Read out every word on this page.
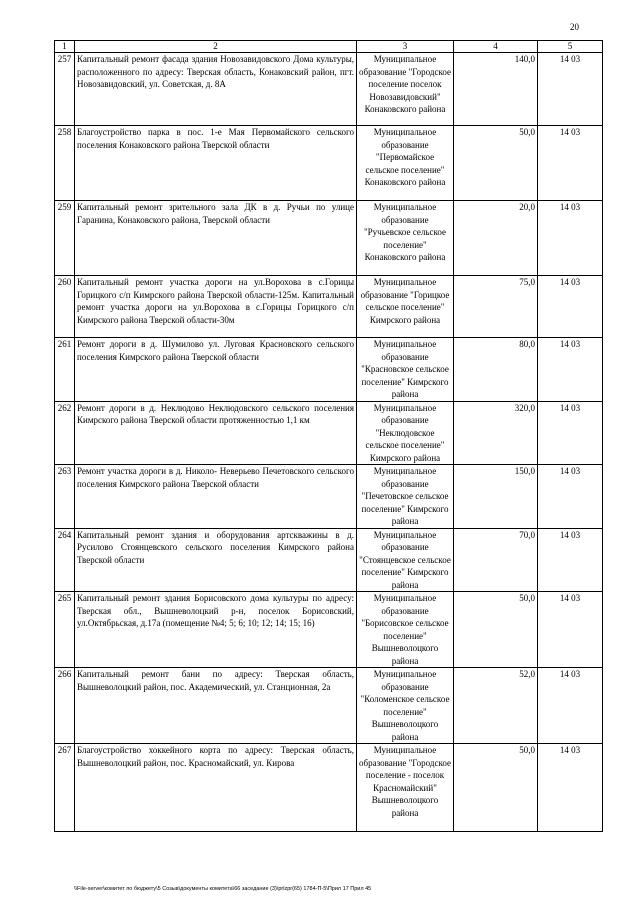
20
1	2	3	4	5
257	Капитальный ремонт фасада здания Новозавидовского Дома культуры, расположенного по адресу: Тверская область, Конаковский район, пгт. Новозавидовский, ул. Советская, д. 8А	Муниципальное образование "Городское поселение поселок Новозавидовский" Конаковского района	140,0	14 03
258	Благоустройство парка в пос. 1-е Мая Первомайского сельского поселения Конаковского района Тверской области	Муниципальное образование "Первомайское сельское поселение" Конаковского района	50,0	14 03
259	Капитальный ремонт зрительного зала ДК в д. Ручьи по улице Гаранина, Конаковского района, Тверской области	Муниципальное образование "Ручьевское сельское поселение" Конаковского района	20,0	14 03
260	Капитальный ремонт участка дороги на ул.Ворохова в с.Горицы Горицкого с/п Кимрского района Тверской области-125м. Капитальный ремонт участка дороги на ул.Ворохова в с.Горицы Горицкого с/п Кимрского района Тверской области-30м	Муниципальное образование "Горицкое сельское поселение" Кимрского района	75,0	14 03
261	Ремонт дороги в д. Шумилово ул. Луговая Красновского сельского поселения Кимрского района Тверской области	Муниципальное образование "Красновское сельское поселение" Кимрского района	80,0	14 03
262	Ремонт дороги в д. Неклюдово Неклюдовского сельского поселения Кимрского района Тверской области протяженностью 1,1 км	Муниципальное образование "Неклюдовское сельское поселение" Кимрского района	320,0	14 03
263	Ремонт участка дороги в д. Николо- Неверьево Печетовского сельского поселения Кимрского района Тверской области	Муниципальное образование "Печетовское сельское поселение" Кимрского района	150,0	14 03
264	Капитальный ремонт здания и оборудования артскважины в д. Русилово Стоянцевского сельского поселения Кимрского района Тверской области	Муниципальное образование "Стоянцевское сельское поселение" Кимрского района	70,0	14 03
265	Капитальный ремонт здания Борисовского дома культуры по адресу: Тверская обл., Вышневолоцкий р-н, поселок Борисовский, ул.Октябрьская, д.17а (помещение №4; 5; 6; 10; 12; 14; 15; 16)	Муниципальное образование "Борисовское сельское поселение" Вышневолоцкого района	50,0	14 03
266	Капитальный ремонт бани по адресу: Тверская область, Вышневолоцкий район, пос. Академический, ул. Станционная, 2а	Муниципальное образование "Коломенское сельское поселение" Вышневолоцкого района	52,0	14 03
267	Благоустройство хоккейного корта по адресу: Тверская область, Вышневолоцкий район, пос. Красномайский, ул. Кирова	Муниципальное образование "Городское поселение - поселок Красномайский" Вышневолоцкого района	50,0	14 03
\\File-server\комитет по бюджету\5 Созыв\документы комитета\66 заседание (3)\prlzpr(65) 1784-П-5\Прил 17 Прил 45
